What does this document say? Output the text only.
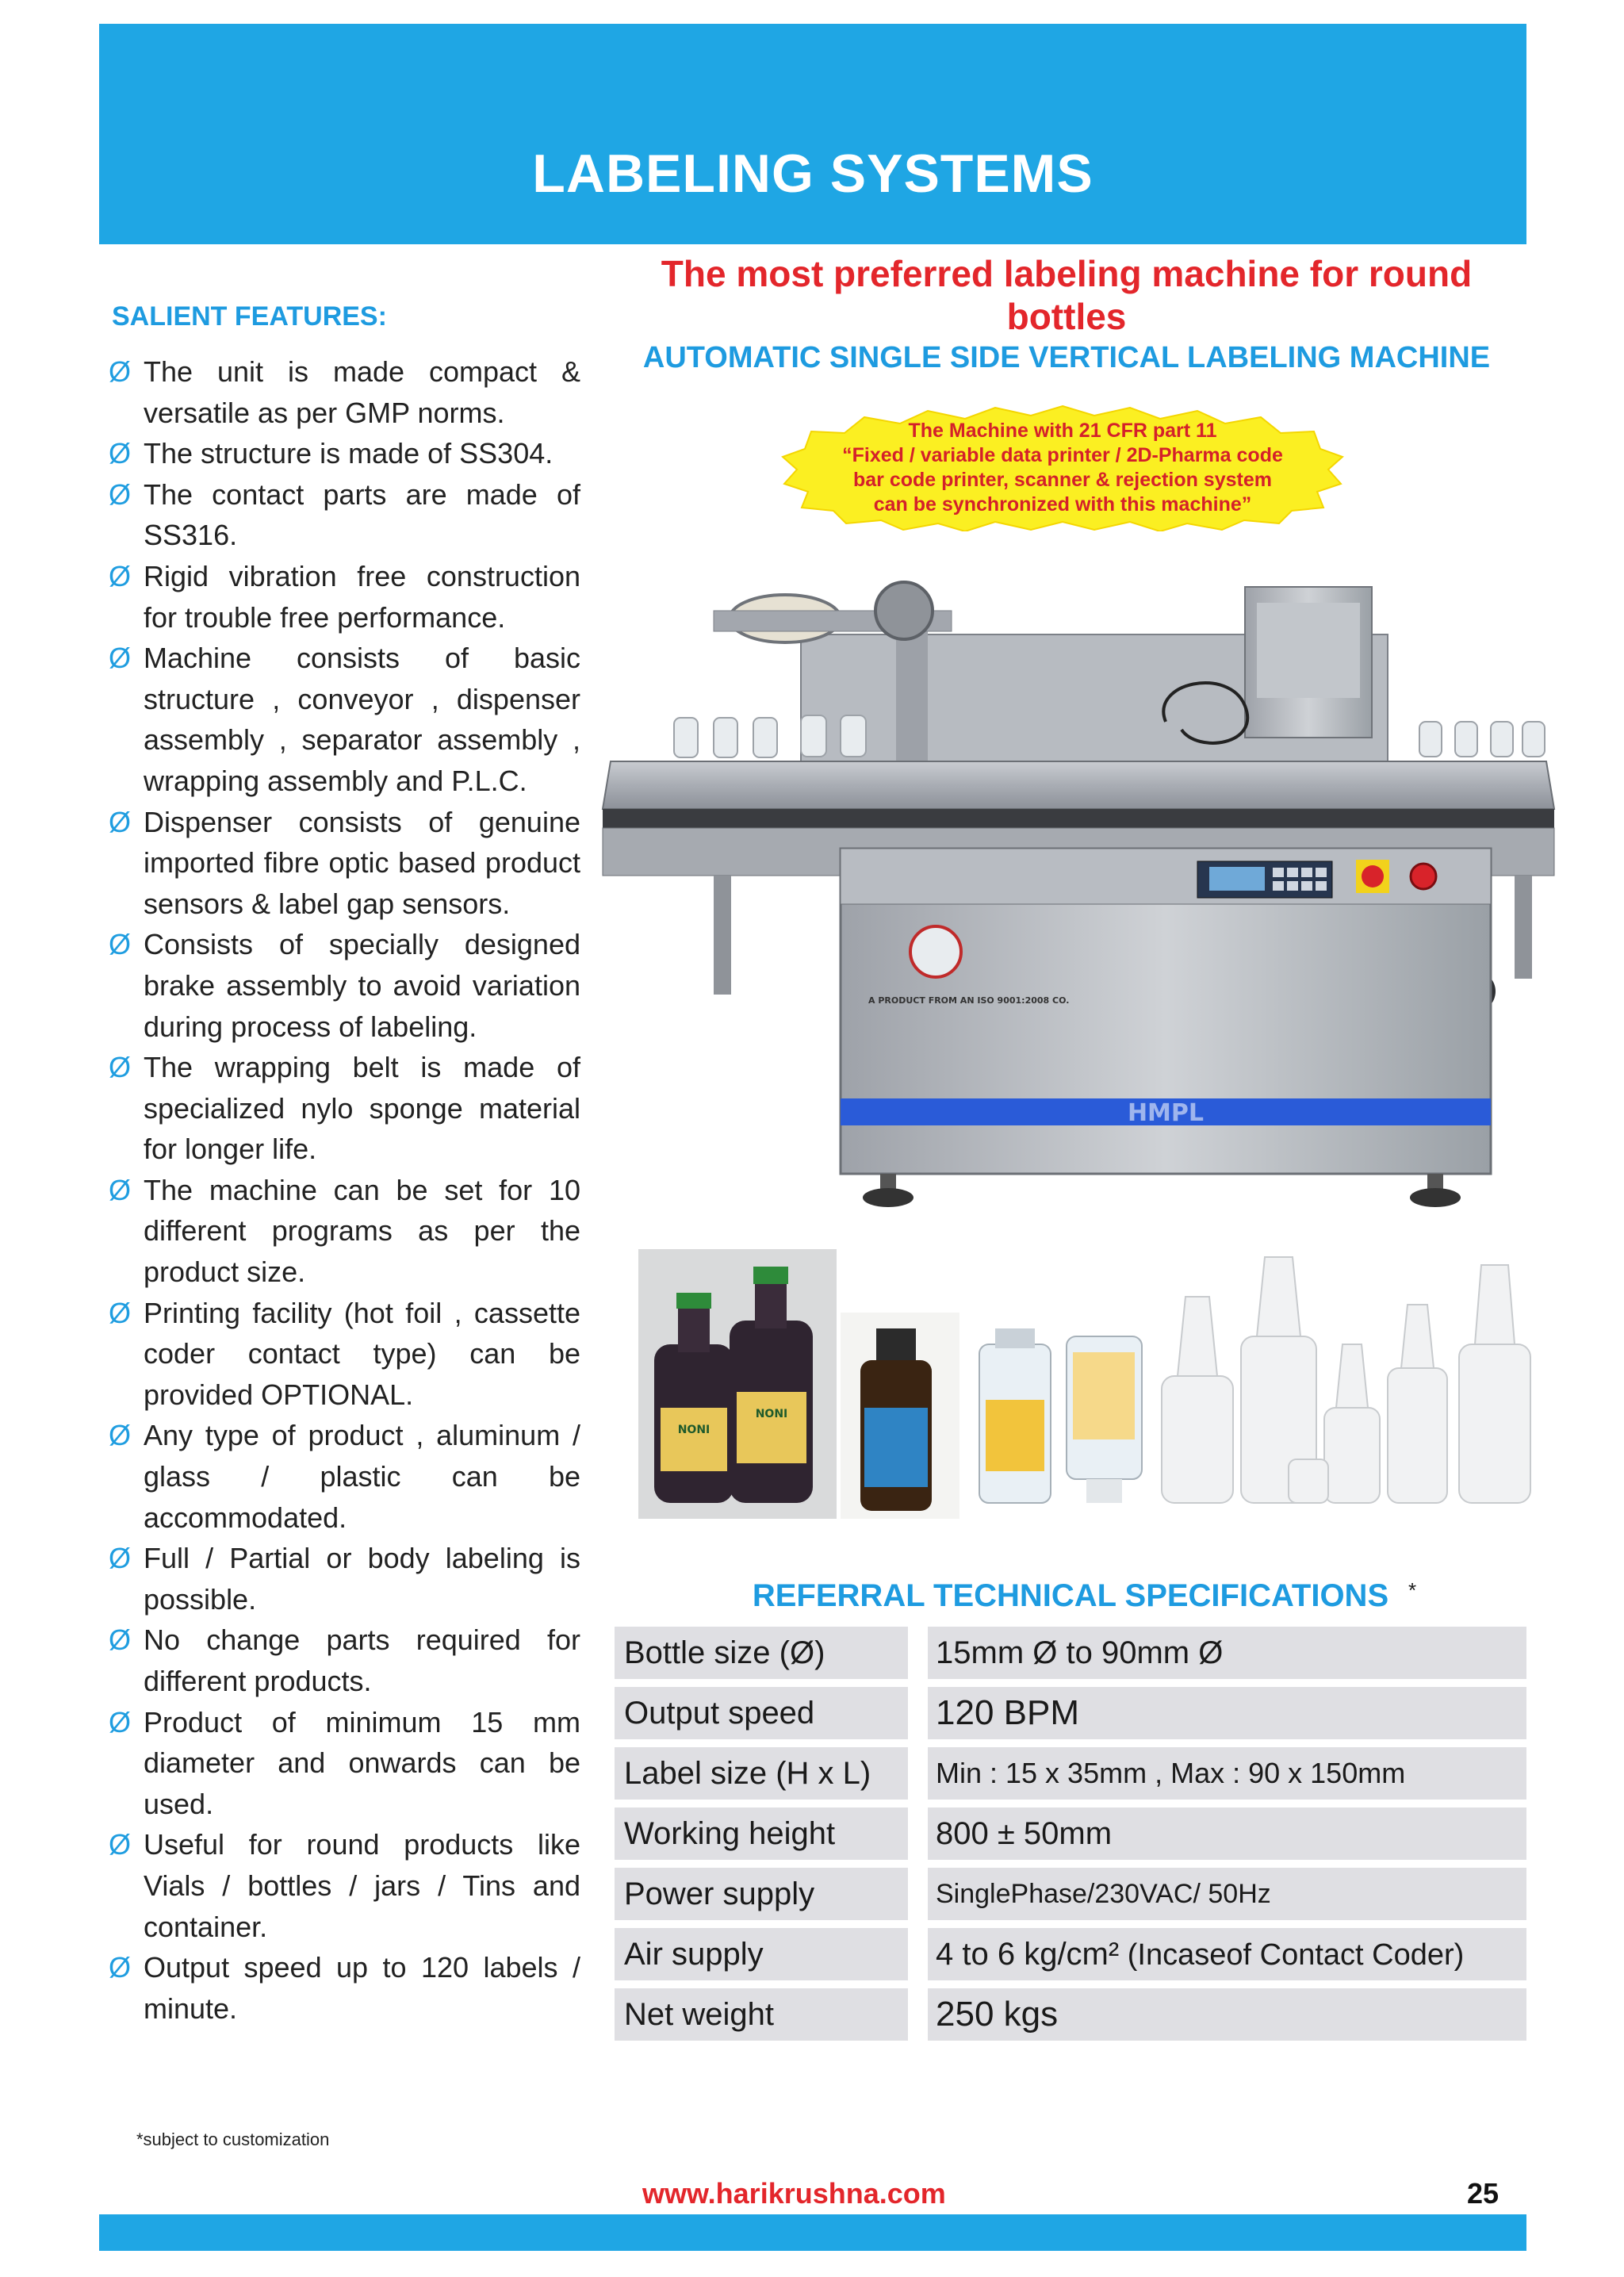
LABELING SYSTEMS
SALIENT FEATURES:
Ø The unit is made compact & versatile as per GMP norms.
Ø The structure is made of SS304.
Ø The contact parts are made of SS316.
Ø Rigid vibration free construction for trouble free performance.
Ø Machine consists of basic structure , conveyor , dispenser assembly , separator assembly , wrapping assembly and P.L.C.
Ø Dispenser consists of genuine imported fibre optic based product sensors & label gap sensors.
Ø Consists of specially designed brake assembly to avoid variation during process of labeling.
Ø The wrapping belt is made of specialized nylo sponge material for longer life.
Ø The machine can be set for 10 different programs as per the product size.
Ø Printing facility (hot foil , cassette coder contact type) can be provided OPTIONAL.
Ø Any type of product , aluminum / glass / plastic can be accommodated.
Ø Full / Partial or body labeling is possible.
Ø No change parts required for different products.
Ø Product of minimum 15 mm diameter and onwards can be used.
Ø Useful for round products like Vials / bottles / jars / Tins and container.
Ø Output speed up to 120 labels / minute.
The most preferred labeling machine for round bottles
AUTOMATIC SINGLE SIDE VERTICAL LABELING MACHINE
The Machine with 21 CFR part 11
“Fixed / variable data printer / 2D-Pharma code
bar code printer, scanner & rejection system
can be synchronized with this machine”
A PRODUCT FROM AN ISO 9001:2008 CO.
HMPL
NONI
NONI
REFERRAL TECHNICAL SPECIFICATIONS *
Bottle size (Ø)	15mm Ø to 90mm Ø
Output speed	120 BPM
Label size (H x L)	Min : 15 x 35mm , Max : 90 x 150mm
Working height	800 ± 50mm
Power supply	SinglePhase/230VAC/ 50Hz
Air supply	4 to 6 kg/cm² (Incaseof Contact Coder)
Net weight	250 kgs
*subject to customization
www.harikrushna.com	25
